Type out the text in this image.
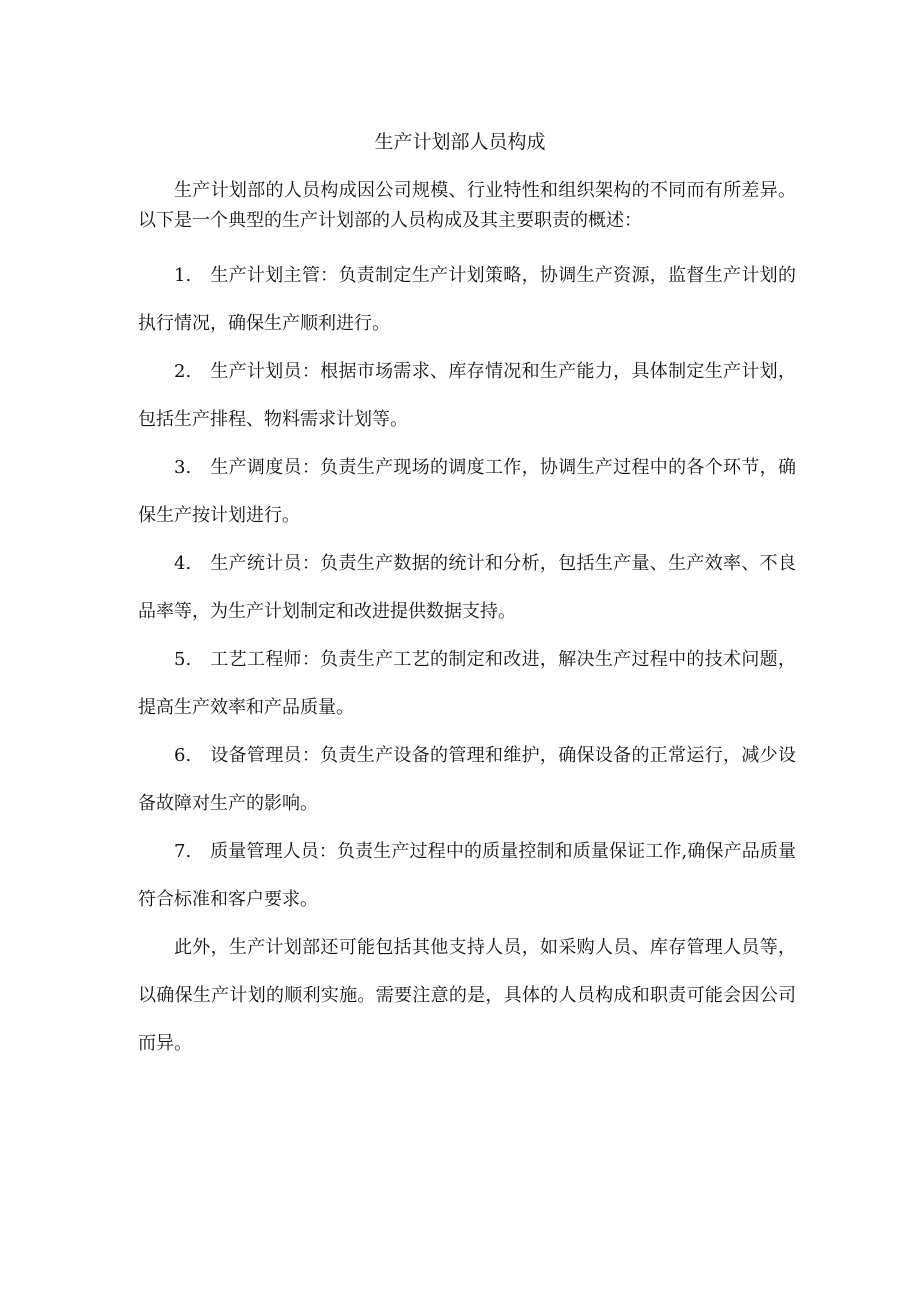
生产计划部人员构成

生产计划部的人员构成因公司规模、行业特性和组织架构的不同而有所差异。以下是一个典型的生产计划部的人员构成及其主要职责的概述：

1. 生产计划主管：负责制定生产计划策略，协调生产资源，监督生产计划的执行情况，确保生产顺利进行。

2. 生产计划员：根据市场需求、库存情况和生产能力，具体制定生产计划，包括生产排程、物料需求计划等。

3. 生产调度员：负责生产现场的调度工作，协调生产过程中的各个环节，确保生产按计划进行。

4. 生产统计员：负责生产数据的统计和分析，包括生产量、生产效率、不良品率等，为生产计划制定和改进提供数据支持。

5. 工艺工程师：负责生产工艺的制定和改进，解决生产过程中的技术问题，提高生产效率和产品质量。

6. 设备管理员：负责生产设备的管理和维护，确保设备的正常运行，减少设备故障对生产的影响。

7. 质量管理人员：负责生产过程中的质量控制和质量保证工作,确保产品质量符合标准和客户要求。

此外，生产计划部还可能包括其他支持人员，如采购人员、库存管理人员等，以确保生产计划的顺利实施。需要注意的是，具体的人员构成和职责可能会因公司而异。
